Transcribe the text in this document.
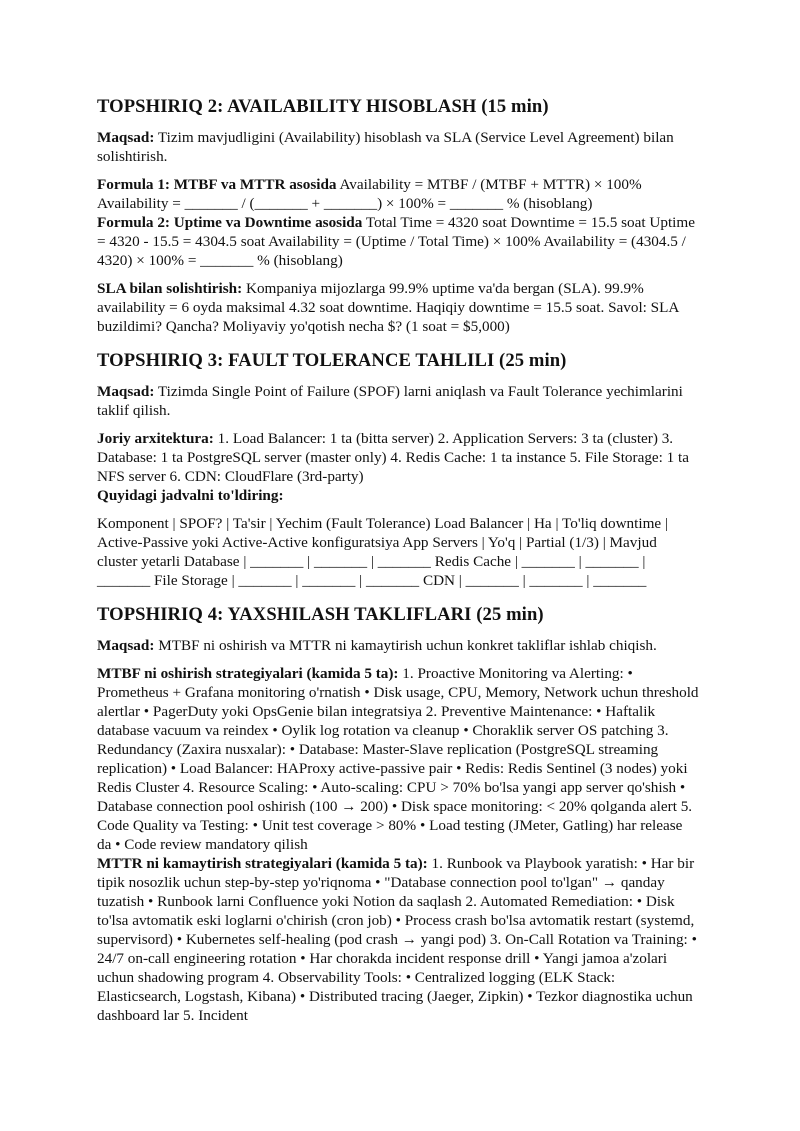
TOPSHIRIQ 2: AVAILABILITY HISOBLASH (15 min)

Maqsad: Tizim mavjudligini (Availability) hisoblash va SLA (Service Level Agreement) bilan solishtirish.

Formula 1: MTBF va MTTR asosida Availability = MTBF / (MTBF + MTTR) × 100% Availability = _______ / (_______ + _______) × 100% = _______ % (hisoblang)

Formula 2: Uptime va Downtime asosida Total Time = 4320 soat Downtime = 15.5 soat Uptime = 4320 - 15.5 = 4304.5 soat Availability = (Uptime / Total Time) × 100% Availability = (4304.5 / 4320) × 100% = _______ % (hisoblang)

SLA bilan solishtirish: Kompaniya mijozlarga 99.9% uptime va'da bergan (SLA). 99.9% availability = 6 oyda maksimal 4.32 soat downtime. Haqiqiy downtime = 15.5 soat. Savol: SLA buzildimi? Qancha? Moliyaviy yo'qotish necha $? (1 soat = $5,000)

TOPSHIRIQ 3: FAULT TOLERANCE TAHLILI (25 min)

Maqsad: Tizimda Single Point of Failure (SPOF) larni aniqlash va Fault Tolerance yechimlarini taklif qilish.

Joriy arxitektura: 1. Load Balancer: 1 ta (bitta server) 2. Application Servers: 3 ta (cluster) 3. Database: 1 ta PostgreSQL server (master only) 4. Redis Cache: 1 ta instance 5. File Storage: 1 ta NFS server 6. CDN: CloudFlare (3rd-party)

Quyidagi jadvalni to'ldiring:

Komponent | SPOF? | Ta'sir | Yechim (Fault Tolerance) Load Balancer | Ha | To'liq downtime | Active-Passive yoki Active-Active konfiguratsiya App Servers | Yo'q | Partial (1/3) | Mavjud cluster yetarli Database | _______ | _______ | _______ Redis Cache | _______ | _______ | _______ File Storage | _______ | _______ | _______ CDN | _______ | _______ | _______

TOPSHIRIQ 4: YAXSHILASH TAKLIFLARI (25 min)

Maqsad: MTBF ni oshirish va MTTR ni kamaytirish uchun konkret takliflar ishlab chiqish.

MTBF ni oshirish strategiyalari (kamida 5 ta): 1. Proactive Monitoring va Alerting: • Prometheus + Grafana monitoring o'rnatish • Disk usage, CPU, Memory, Network uchun threshold alertlar • PagerDuty yoki OpsGenie bilan integratsiya 2. Preventive Maintenance: • Haftalik database vacuum va reindex • Oylik log rotation va cleanup • Choraklik server OS patching 3. Redundancy (Zaxira nusxalar): • Database: Master-Slave replication (PostgreSQL streaming replication) • Load Balancer: HAProxy active-passive pair • Redis: Redis Sentinel (3 nodes) yoki Redis Cluster 4. Resource Scaling: • Auto-scaling: CPU > 70% bo'lsa yangi app server qo'shish • Database connection pool oshirish (100 → 200) • Disk space monitoring: < 20% qolganda alert 5. Code Quality va Testing: • Unit test coverage > 80% • Load testing (JMeter, Gatling) har release da • Code review mandatory qilish

MTTR ni kamaytirish strategiyalari (kamida 5 ta): 1. Runbook va Playbook yaratish: • Har bir tipik nosozlik uchun step-by-step yo'riqnoma • "Database connection pool to'lgan" → qanday tuzatish • Runbook larni Confluence yoki Notion da saqlash 2. Automated Remediation: • Disk to'lsa avtomatik eski loglarni o'chirish (cron job) • Process crash bo'lsa avtomatik restart (systemd, supervisord) • Kubernetes self-healing (pod crash → yangi pod) 3. On-Call Rotation va Training: • 24/7 on-call engineering rotation • Har chorakda incident response drill • Yangi jamoa a'zolari uchun shadowing program 4. Observability Tools: • Centralized logging (ELK Stack: Elasticsearch, Logstash, Kibana) • Distributed tracing (Jaeger, Zipkin) • Tezkor diagnostika uchun dashboard lar 5. Incident
